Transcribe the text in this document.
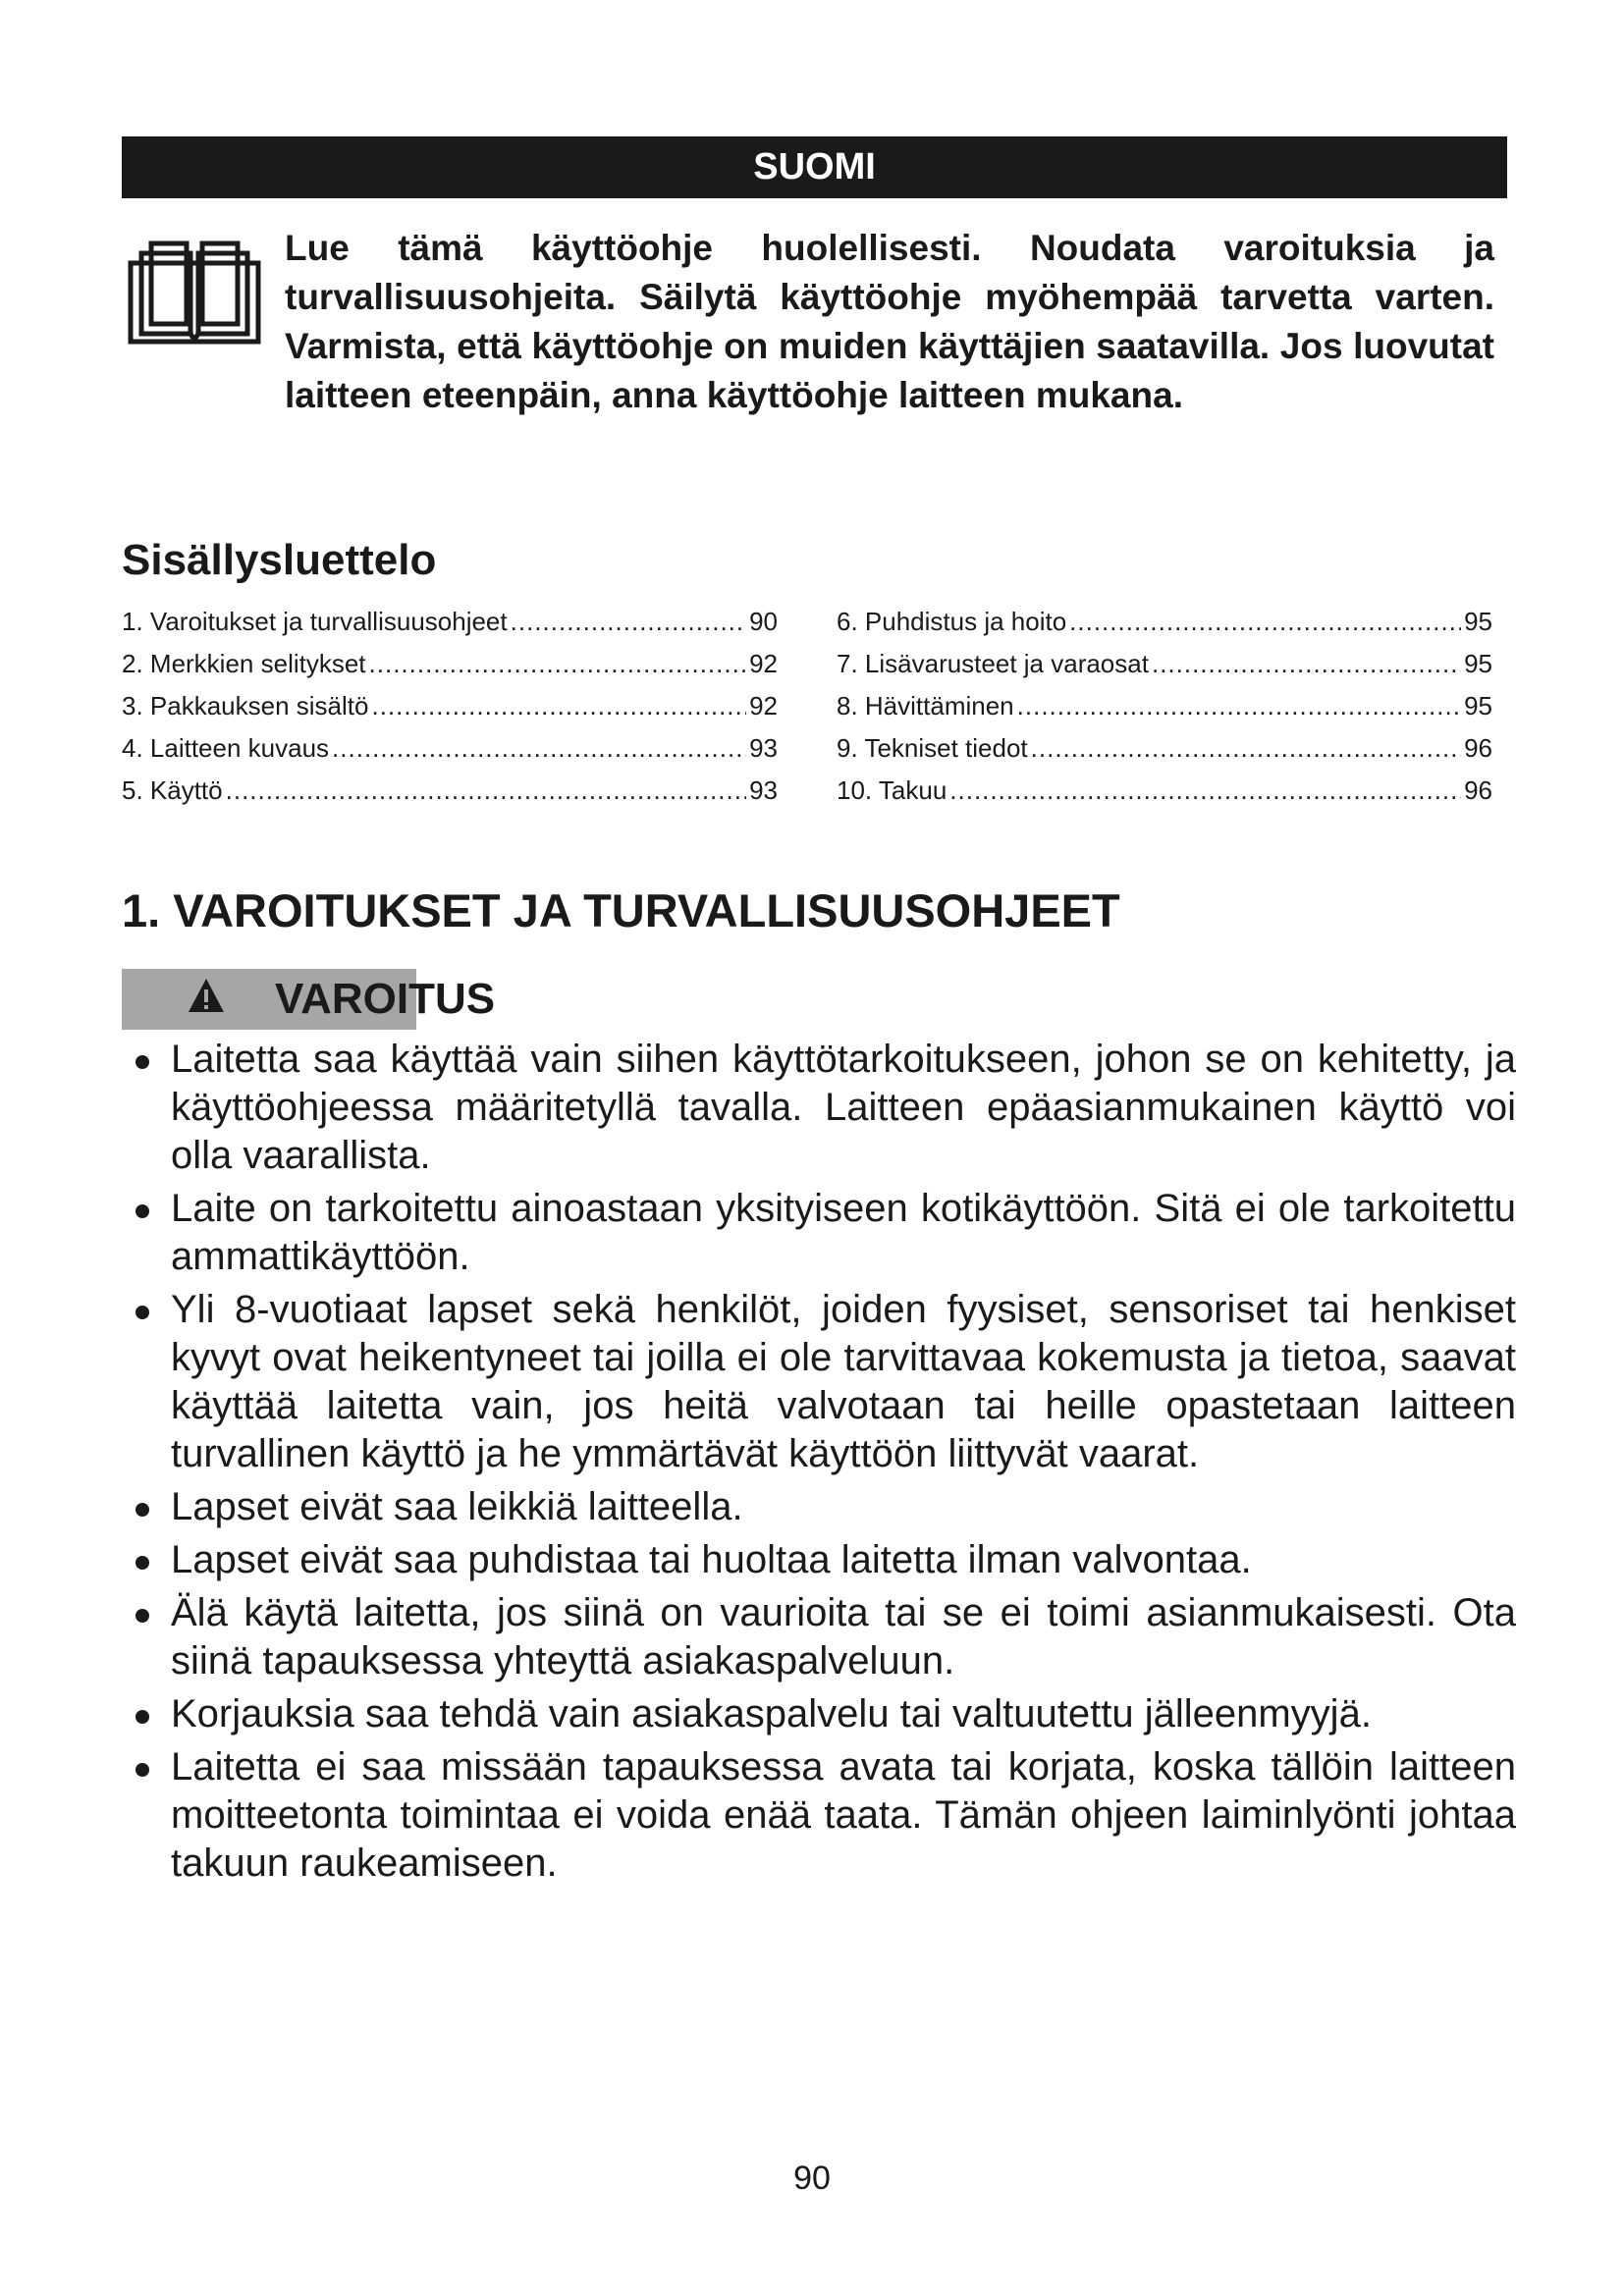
SUOMI
Lue tämä käyttöohje huolellisesti. Noudata varoituksia ja turvallisuusohjeita. Säilytä käyttöohje myöhempää tarvetta varten. Varmista, että käyttöohje on muiden käyttäjien saatavilla. Jos luovutat laitteen eteenpäin, anna käyttöohje laitteen mukana.
Sisällysluettelo
1. Varoitukset ja turvallisuusohjeet .....	90
2. Merkkien selitykset .....	92
3. Pakkauksen sisältö .....	92
4. Laitteen kuvaus .....	93
5. Käyttö .....	93
6. Puhdistus ja hoito .....	95
7. Lisävarusteet ja varaosat .....	95
8. Hävittäminen .....	95
9. Tekniset tiedot .....	96
10. Takuu .....	96
1. VAROITUKSET JA TURVALLISUUSOHJEET
VAROITUS
Laitetta saa käyttää vain siihen käyttötarkoitukseen, johon se on kehitetty, ja käyttöohjeessa määritetyllä tavalla. Laitteen epäasianmukainen käyttö voi olla vaarallista.
Laite on tarkoitettu ainoastaan yksityiseen kotikäyttöön. Sitä ei ole tarkoitettu ammattikäyttöön.
Yli 8-vuotiaat lapset sekä henkilöt, joiden fyysiset, sensoriset tai henkiset kyvyt ovat heikentyneet tai joilla ei ole tarvittavaa kokemusta ja tietoa, saavat käyttää laitetta vain, jos heitä valvotaan tai heille opastetaan laitteen turvallinen käyttö ja he ymmärtävät käyttöön liittyvät vaarat.
Lapset eivät saa leikkiä laitteella.
Lapset eivät saa puhdistaa tai huoltaa laitetta ilman valvontaa.
Älä käytä laitetta, jos siinä on vaurioita tai se ei toimi asianmukaisesti. Ota siinä tapauksessa yhteyttä asiakaspalveluun.
Korjauksia saa tehdä vain asiakaspalvelu tai valtuutettu jälleenmyyjä.
Laitetta ei saa missään tapauksessa avata tai korjata, koska tällöin laitteen moitteetonta toimintaa ei voida enää taata. Tämän ohjeen laiminlyönti johtaa takuun raukeamiseen.
90
